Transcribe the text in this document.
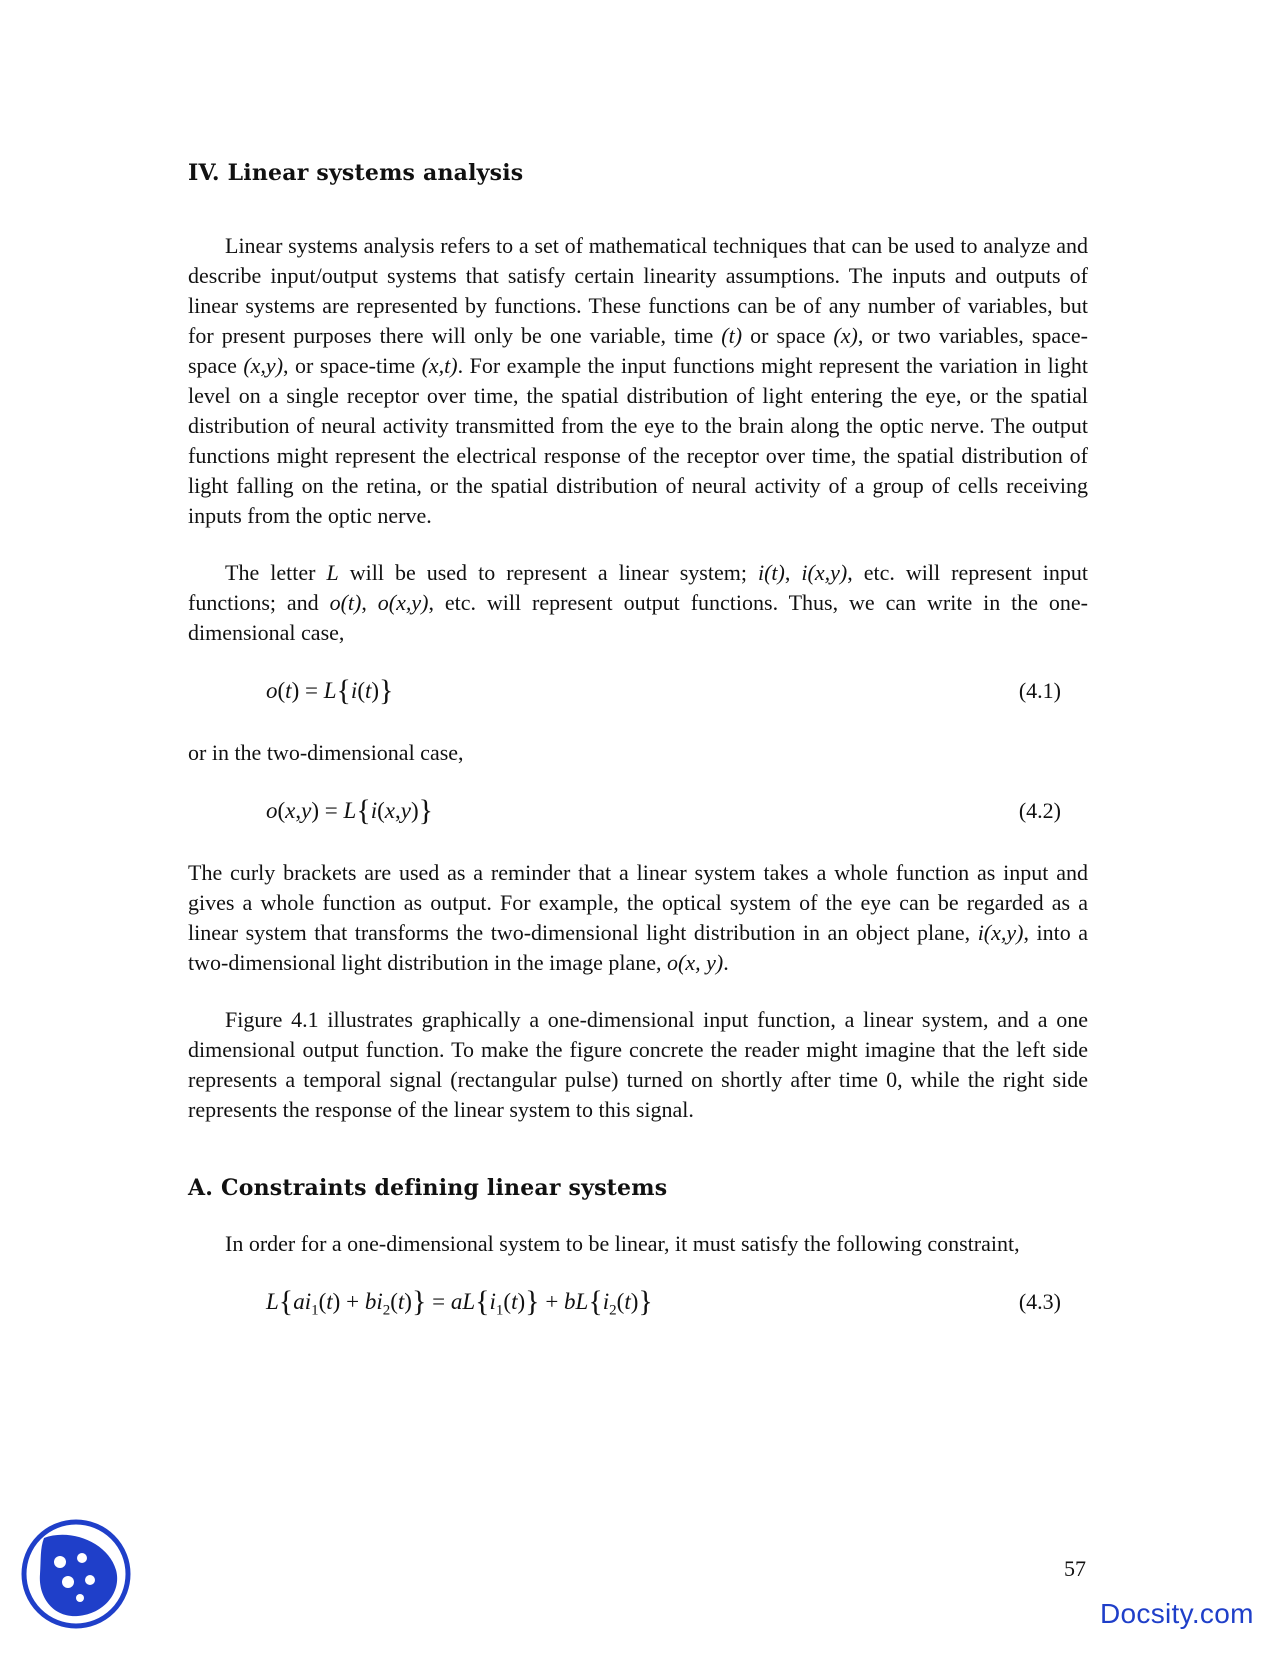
IV. Linear systems analysis

Linear systems analysis refers to a set of mathematical techniques that can be used to analyze and describe input/output systems that satisfy certain linearity assumptions. The inputs and outputs of linear systems are represented by functions. These functions can be of any number of variables, but for present purposes there will only be one variable, time (t) or space (x), or two variables, space-space (x,y), or space-time (x,t). For example the input functions might represent the variation in light level on a single receptor over time, the spatial distribution of light entering the eye, or the spatial distribution of neural activity transmitted from the eye to the brain along the optic nerve. The output functions might represent the electrical response of the receptor over time, the spatial distribution of light falling on the retina, or the spatial distribution of neural activity of a group of cells receiving inputs from the optic nerve.

The letter L will be used to represent a linear system; i(t), i(x,y), etc. will represent input functions; and o(t), o(x,y), etc. will represent output functions. Thus, we can write in the one-dimensional case,

o(t) = L{i(t)}	(4.1)

or in the two-dimensional case,

o(x,y) = L{i(x,y)}	(4.2)

The curly brackets are used as a reminder that a linear system takes a whole function as input and gives a whole function as output. For example, the optical system of the eye can be regarded as a linear system that transforms the two-dimensional light distribution in an object plane, i(x,y), into a two-dimensional light distribution in the image plane, o(x, y).

Figure 4.1 illustrates graphically a one-dimensional input function, a linear system, and a one dimensional output function. To make the figure concrete the reader might imagine that the left side represents a temporal signal (rectangular pulse) turned on shortly after time 0, while the right side represents the response of the linear system to this signal.

A. Constraints defining linear systems

In order for a one-dimensional system to be linear, it must satisfy the following constraint,

$L\{ai_1(t) + bi_2(t)\} = aL\{i_1(t)\} + bL\{i_2(t)\}$	(4.3)
57
Docsity.com
